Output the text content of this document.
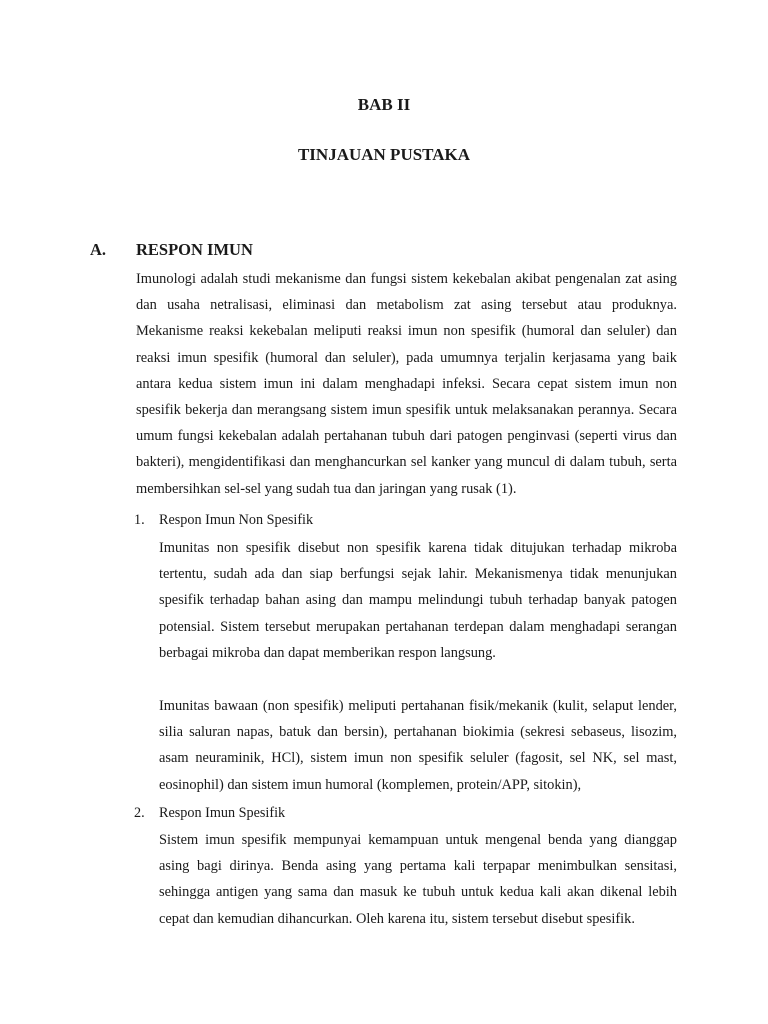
BAB II
TINJAUAN PUSTAKA
A.	RESPON IMUN

Imunologi adalah studi mekanisme dan fungsi sistem kekebalan akibat pengenalan zat asing dan usaha netralisasi, eliminasi dan metabolism zat asing tersebut atau produknya. Mekanisme reaksi kekebalan meliputi reaksi imun non spesifik (humoral dan seluler) dan reaksi imun spesifik (humoral dan seluler), pada umumnya terjalin kerjasama yang baik antara kedua sistem imun ini dalam menghadapi infeksi. Secara cepat sistem imun non spesifik bekerja dan merangsang sistem imun spesifik untuk melaksanakan perannya. Secara umum fungsi kekebalan adalah pertahanan tubuh dari patogen penginvasi (seperti virus dan bakteri), mengidentifikasi dan menghancurkan sel kanker yang muncul di dalam tubuh, serta membersihkan sel-sel yang sudah tua dan jaringan yang rusak (1).

1.	Respon Imun Non Spesifik

Imunitas non spesifik disebut non spesifik karena tidak ditujukan terhadap mikroba tertentu, sudah ada dan siap berfungsi sejak lahir. Mekanismenya tidak menunjukan spesifik terhadap bahan asing dan mampu melindungi tubuh terhadap banyak patogen potensial. Sistem tersebut merupakan pertahanan terdepan dalam menghadapi serangan berbagai mikroba dan dapat memberikan respon langsung.

Imunitas bawaan (non spesifik) meliputi pertahanan fisik/mekanik (kulit, selaput lender, silia saluran napas, batuk dan bersin), pertahanan biokimia (sekresi sebaseus, lisozim, asam neuraminik, HCl), sistem imun non spesifik seluler (fagosit, sel NK, sel mast, eosinophil) dan sistem imun humoral (komplemen, protein/APP, sitokin),

2.	Respon Imun Spesifik

Sistem imun spesifik mempunyai kemampuan untuk mengenal benda yang dianggap asing bagi dirinya. Benda asing yang pertama kali terpapar menimbulkan sensitasi, sehingga antigen yang sama dan masuk ke tubuh untuk kedua kali akan dikenal lebih cepat dan kemudian dihancurkan. Oleh karena itu, sistem tersebut disebut spesifik.
